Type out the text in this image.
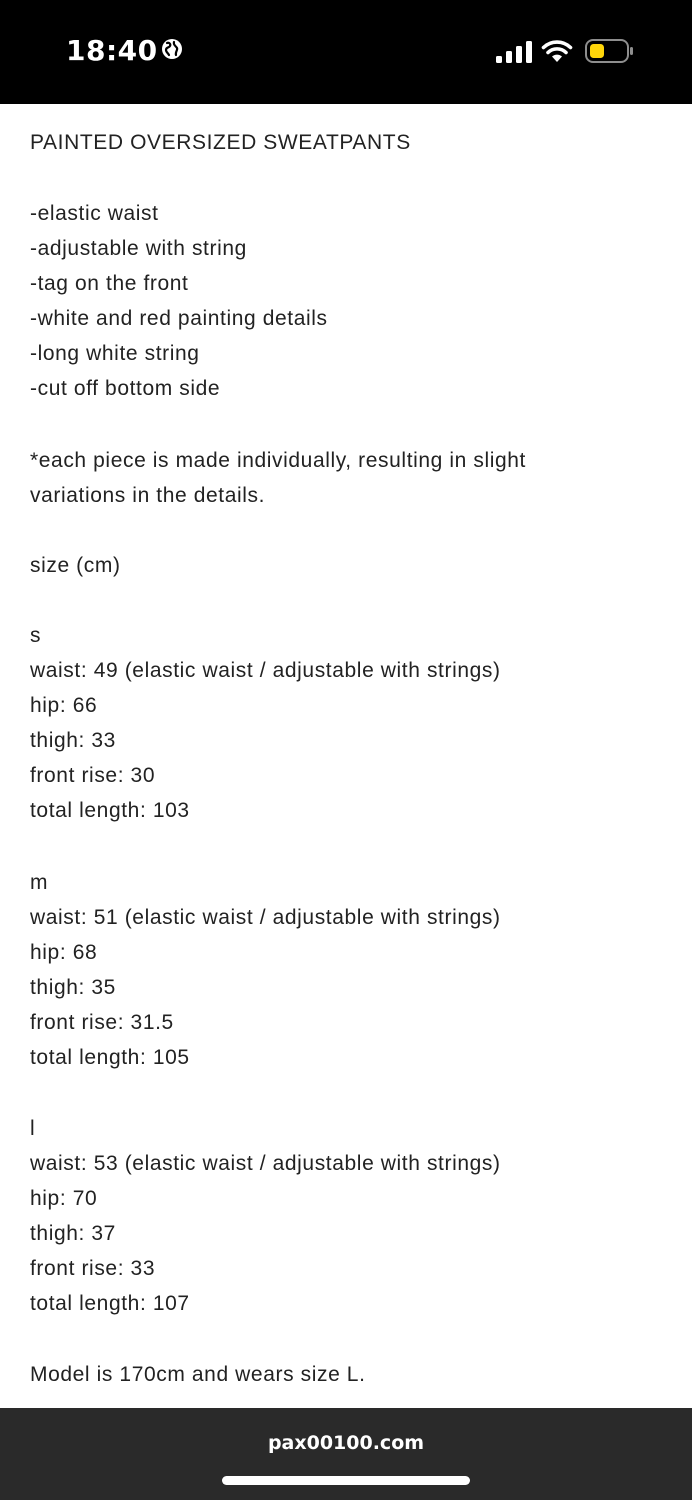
18:40
PAINTED OVERSIZED SWEATPANTS
-elastic waist
-adjustable with string
-tag on the front
-white and red painting details
-long white string
-cut off bottom side
*each piece is made individually, resulting in slight
variations in the details.
size (cm)
s
waist: 49 (elastic waist / adjustable with strings)
hip: 66
thigh: 33
front rise: 30
total length: 103
m
waist: 51 (elastic waist / adjustable with strings)
hip: 68
thigh: 35
front rise: 31.5
total length: 105
l
waist: 53 (elastic waist / adjustable with strings)
hip: 70
thigh: 37
front rise: 33
total length: 107
Model is 170cm and wears size L.
pax00100.com
